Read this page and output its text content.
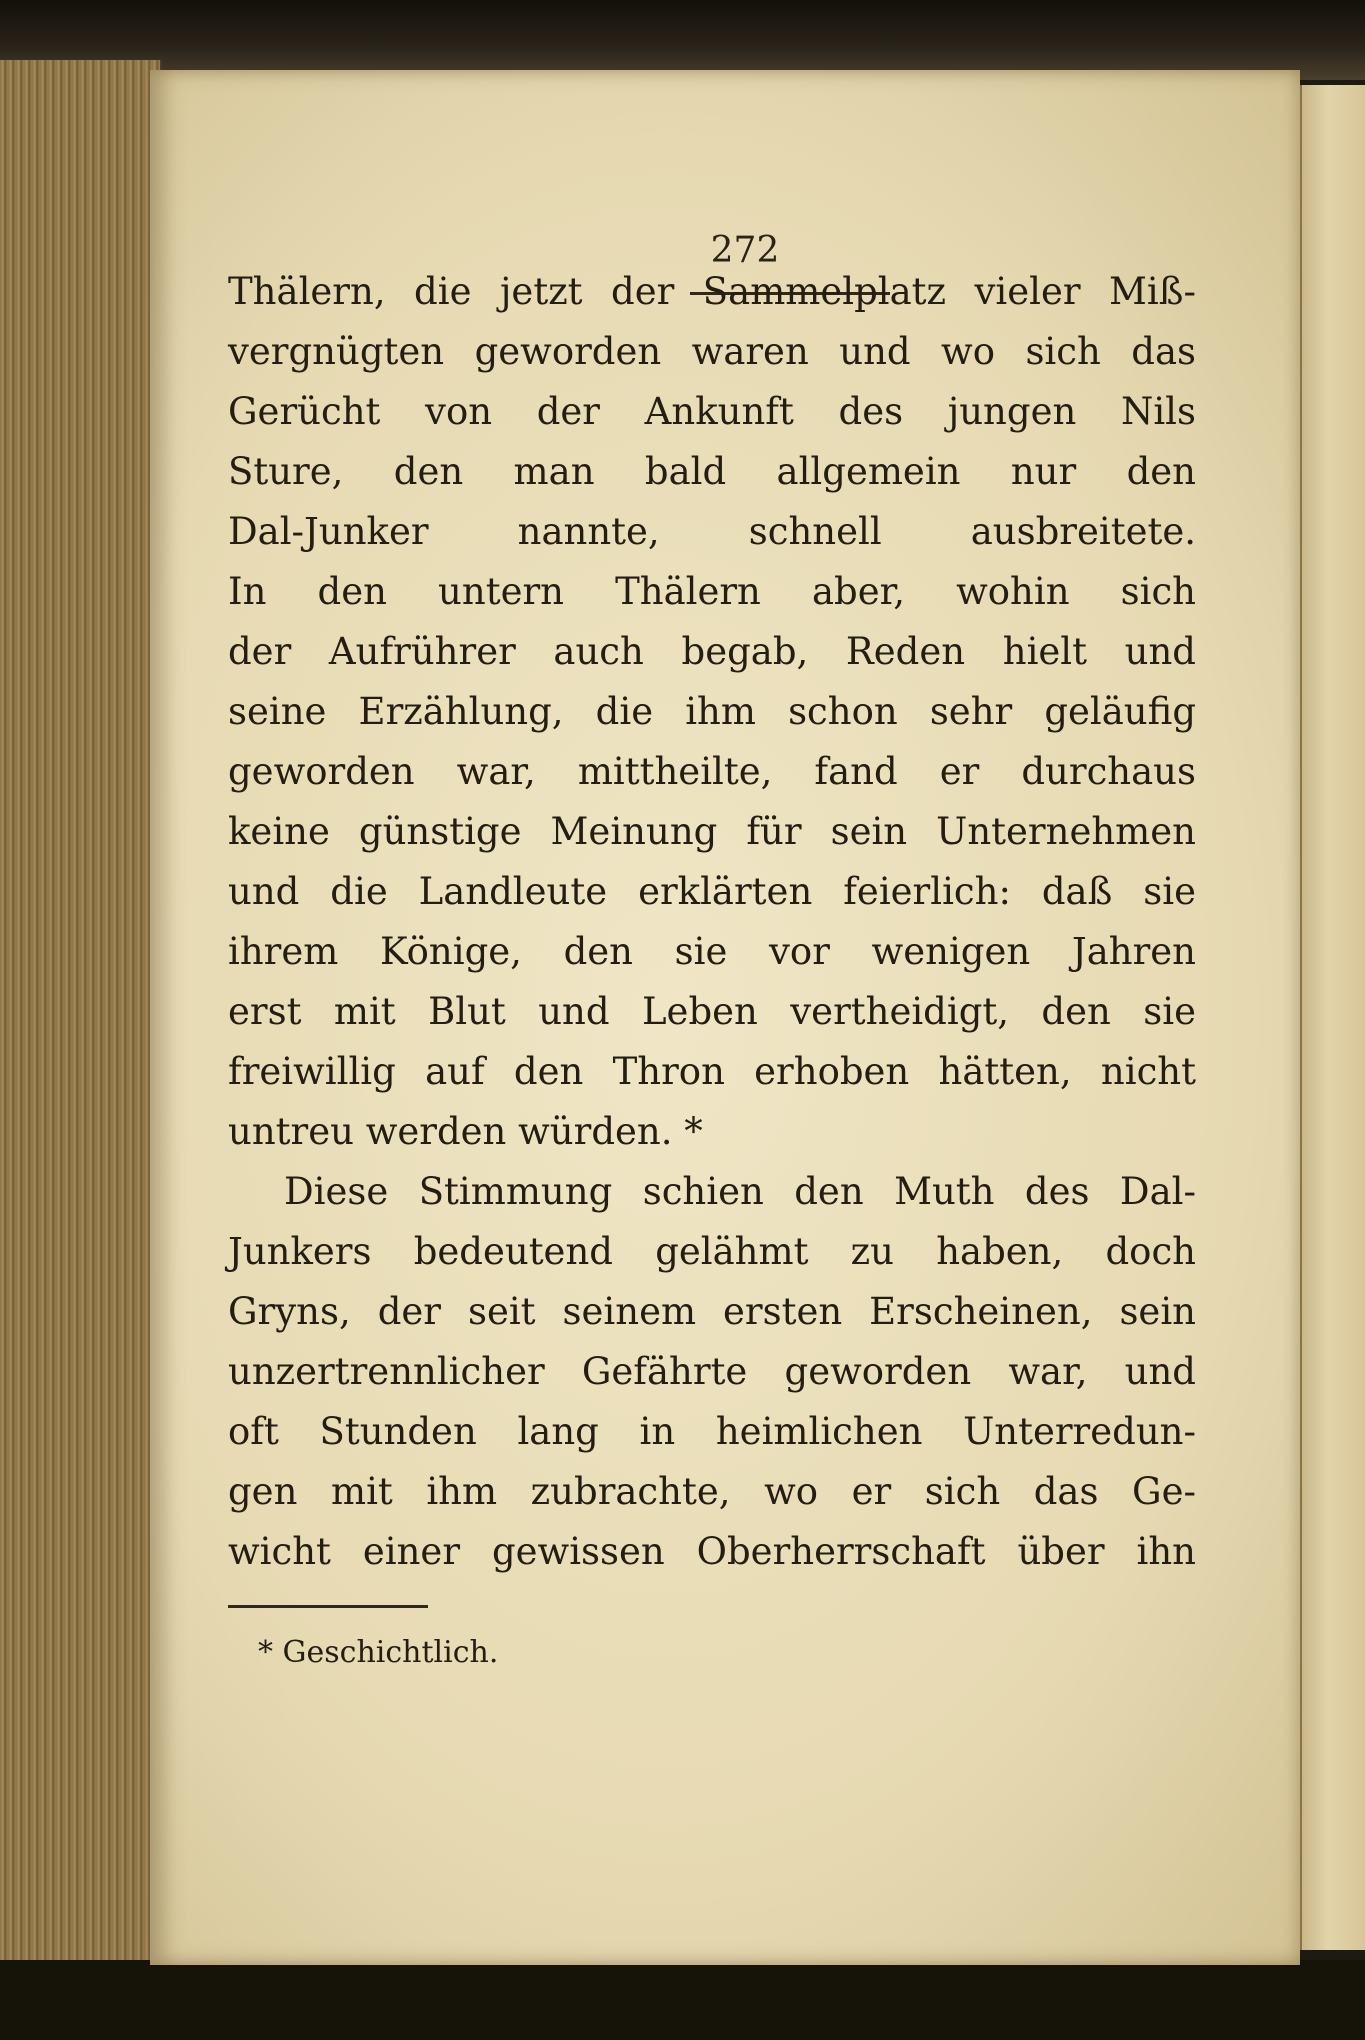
272
Thälern, die jetzt der Sammelplatz vieler Miß-
vergnügten geworden waren und wo sich das
Gerücht von der Ankunft des jungen Nils
Sture, den man bald allgemein nur den
Dal-Junker nannte, schnell ausbreitete.
In den untern Thälern aber, wohin sich
der Aufrührer auch begab, Reden hielt und
seine Erzählung, die ihm schon sehr geläufig
geworden war, mittheilte, fand er durchaus
keine günstige Meinung für sein Unternehmen
und die Landleute erklärten feierlich: daß sie
ihrem Könige, den sie vor wenigen Jahren
erst mit Blut und Leben vertheidigt, den sie
freiwillig auf den Thron erhoben hätten, nicht
untreu werden würden. *
Diese Stimmung schien den Muth des Dal-
Junkers bedeutend gelähmt zu haben, doch
Gryns, der seit seinem ersten Erscheinen, sein
unzertrennlicher Gefährte geworden war, und
oft Stunden lang in heimlichen Unterredun-
gen mit ihm zubrachte, wo er sich das Ge-
wicht einer gewissen Oberherrschaft über ihn
* Geschichtlich.
